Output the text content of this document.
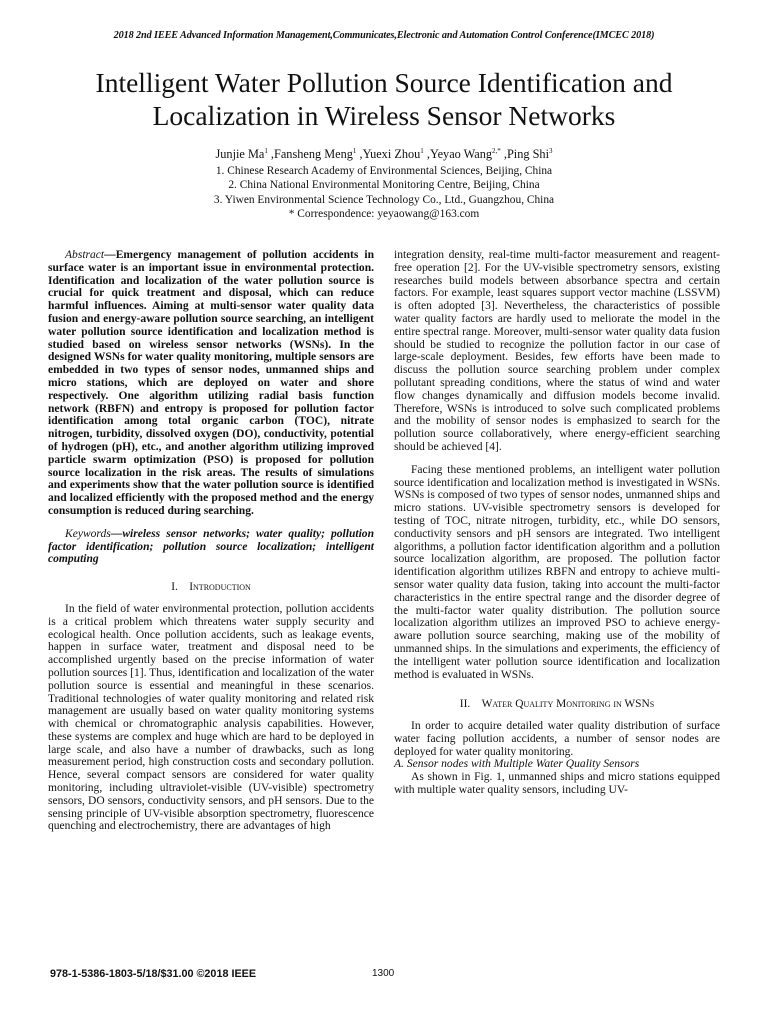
2018 2nd IEEE Advanced Information Management,Communicates,Electronic and Automation Control Conference(IMCEC 2018)
Intelligent Water Pollution Source Identification and
Localization in Wireless Sensor Networks
Junjie Ma$^1$ ,Fansheng Meng$^1$ ,Yuexi Zhou$^1$ ,Yeyao Wang$^{2,*}$ ,Ping Shi$^3$
1. Chinese Research Academy of Environmental Sciences, Beijing, China
2. China National Environmental Monitoring Centre, Beijing, China
3. Yiwen Environmental Science Technology Co., Ltd., Guangzhou, China
* Correspondence: yeyaowang@163.com

Abstract—Emergency management of pollution accidents in surface water is an important issue in environmental protection. Identification and localization of the water pollution source is crucial for quick treatment and disposal, which can reduce harmful influences. Aiming at multi-sensor water quality data fusion and energy-aware pollution source searching, an intelligent water pollution source identification and localization method is studied based on wireless sensor networks (WSNs). In the designed WSNs for water quality monitoring, multiple sensors are embedded in two types of sensor nodes, unmanned ships and micro stations, which are deployed on water and shore respectively. One algorithm utilizing radial basis function network (RBFN) and entropy is proposed for pollution factor identification among total organic carbon (TOC), nitrate nitrogen, turbidity, dissolved oxygen (DO), conductivity, potential of hydrogen (pH), etc., and another algorithm utilizing improved particle swarm optimization (PSO) is proposed for pollution source localization in the risk areas. The results of simulations and experiments show that the water pollution source is identified and localized efficiently with the proposed method and the energy consumption is reduced during searching.

Keywords—wireless sensor networks; water quality; pollution factor identification; pollution source localization; intelligent computing

I. Introduction

In the field of water environmental protection, pollution accidents is a critical problem which threatens water supply security and ecological health. Once pollution accidents, such as leakage events, happen in surface water, treatment and disposal need to be accomplished urgently based on the precise information of water pollution sources [1]. Thus, identification and localization of the water pollution source is essential and meaningful in these scenarios. Traditional technologies of water quality monitoring and related risk management are usually based on water quality monitoring systems with chemical or chromatographic analysis capabilities. However, these systems are complex and huge which are hard to be deployed in large scale, and also have a number of drawbacks, such as long measurement period, high construction costs and secondary pollution. Hence, several compact sensors are considered for water quality monitoring, including ultraviolet-visible (UV-visible) spectrometry sensors, DO sensors, conductivity sensors, and pH sensors. Due to the sensing principle of UV-visible absorption spectrometry, fluorescence quenching and electrochemistry, there are advantages of high

integration density, real-time multi-factor measurement and reagent-free operation [2]. For the UV-visible spectrometry sensors, existing researches build models between absorbance spectra and certain factors. For example, least squares support vector machine (LSSVM) is often adopted [3]. Nevertheless, the characteristics of possible water quality factors are hardly used to meliorate the model in the entire spectral range. Moreover, multi-sensor water quality data fusion should be studied to recognize the pollution factor in our case of large-scale deployment. Besides, few efforts have been made to discuss the pollution source searching problem under complex pollutant spreading conditions, where the status of wind and water flow changes dynamically and diffusion models become invalid. Therefore, WSNs is introduced to solve such complicated problems and the mobility of sensor nodes is emphasized to search for the pollution source collaboratively, where energy-efficient searching should be achieved [4].

Facing these mentioned problems, an intelligent water pollution source identification and localization method is investigated in WSNs. WSNs is composed of two types of sensor nodes, unmanned ships and micro stations. UV-visible spectrometry sensors is developed for testing of TOC, nitrate nitrogen, turbidity, etc., while DO sensors, conductivity sensors and pH sensors are integrated. Two intelligent algorithms, a pollution factor identification algorithm and a pollution source localization algorithm, are proposed. The pollution factor identification algorithm utilizes RBFN and entropy to achieve multi-sensor water quality data fusion, taking into account the multi-factor characteristics in the entire spectral range and the disorder degree of the multi-factor water quality distribution. The pollution source localization algorithm utilizes an improved PSO to achieve energy-aware pollution source searching, making use of the mobility of unmanned ships. In the simulations and experiments, the efficiency of the intelligent water pollution source identification and localization method is evaluated in WSNs.

II. Water Quality Monitoring in WSNs

In order to acquire detailed water quality distribution of surface water facing pollution accidents, a number of sensor nodes are deployed for water quality monitoring.

A. Sensor nodes with Multiple Water Quality Sensors

As shown in Fig. 1, unmanned ships and micro stations equipped with multiple water quality sensors, including UV-

978-1-5386-1803-5/18/$31.00 ©2018 IEEE	1300
